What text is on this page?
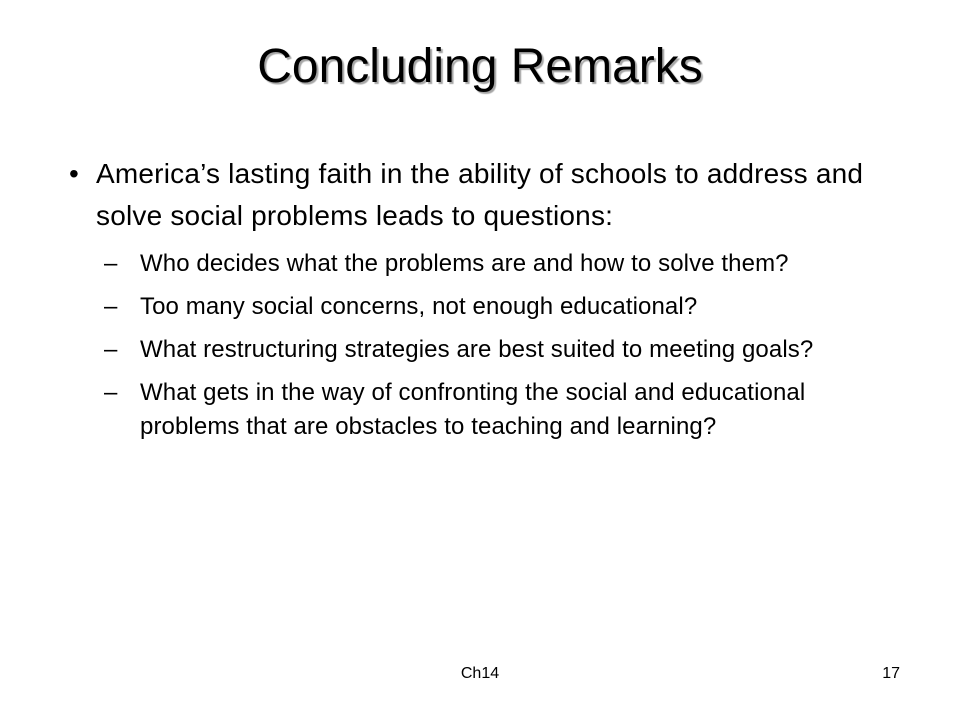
Concluding Remarks
• America’s lasting faith in the ability of schools to address and solve social problems leads to questions:
– Who decides what the problems are and how to solve them?
– Too many social concerns, not enough educational?
– What restructuring strategies are best suited to meeting goals?
– What gets in the way of confronting the social and educational problems that are obstacles to teaching and learning?
Ch14	17
